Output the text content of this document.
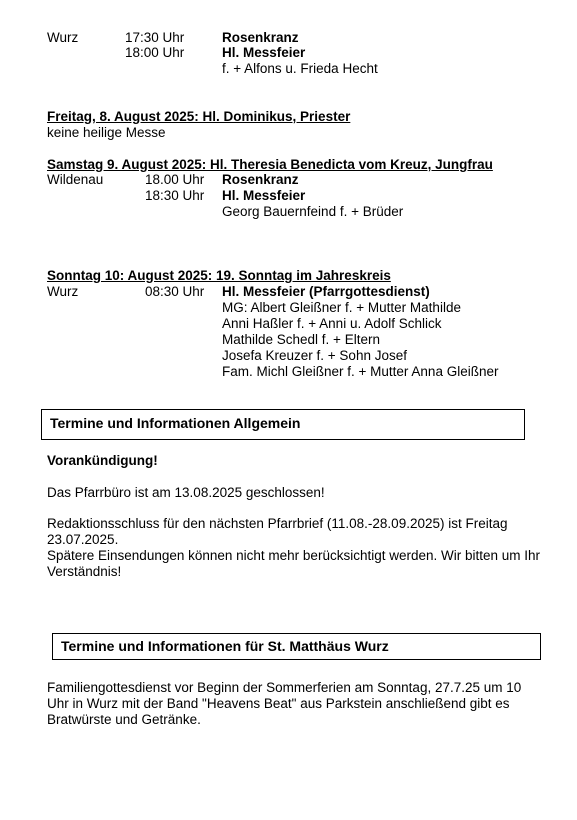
Wurz	17:30 Uhr	Rosenkranz
18:00 Uhr	Hl. Messfeier
f. + Alfons u. Frieda Hecht
Freitag, 8. August 2025: Hl. Dominikus, Priester
keine heilige Messe
Samstag 9. August 2025: Hl. Theresia Benedicta vom Kreuz, Jungfrau
Wildenau	18.00 Uhr Rosenkranz
18:30 Uhr Hl. Messfeier
Georg Bauernfeind f. + Brüder
Sonntag 10: August 2025: 19. Sonntag im Jahreskreis
Wurz	08:30 Uhr Hl. Messfeier (Pfarrgottesdienst)
MG: Albert Gleißner f. + Mutter Mathilde
Anni Haßler f. + Anni u. Adolf Schlick
Mathilde Schedl f. + Eltern
Josefa Kreuzer f. + Sohn Josef
Fam. Michl Gleißner f. + Mutter Anna Gleißner
Termine und Informationen Allgemein
Vorankündigung!
Das Pfarrbüro ist am 13.08.2025 geschlossen!
Redaktionsschluss für den nächsten Pfarrbrief (11.08.-28.09.2025) ist Freitag 23.07.2025.
Spätere Einsendungen können nicht mehr berücksichtigt werden. Wir bitten um Ihr Verständnis!
Termine und Informationen für St. Matthäus Wurz
Familiengottesdienst vor Beginn der Sommerferien am Sonntag, 27.7.25 um 10 Uhr in Wurz mit der Band "Heavens Beat" aus Parkstein anschließend gibt es Bratwürste und Getränke.
